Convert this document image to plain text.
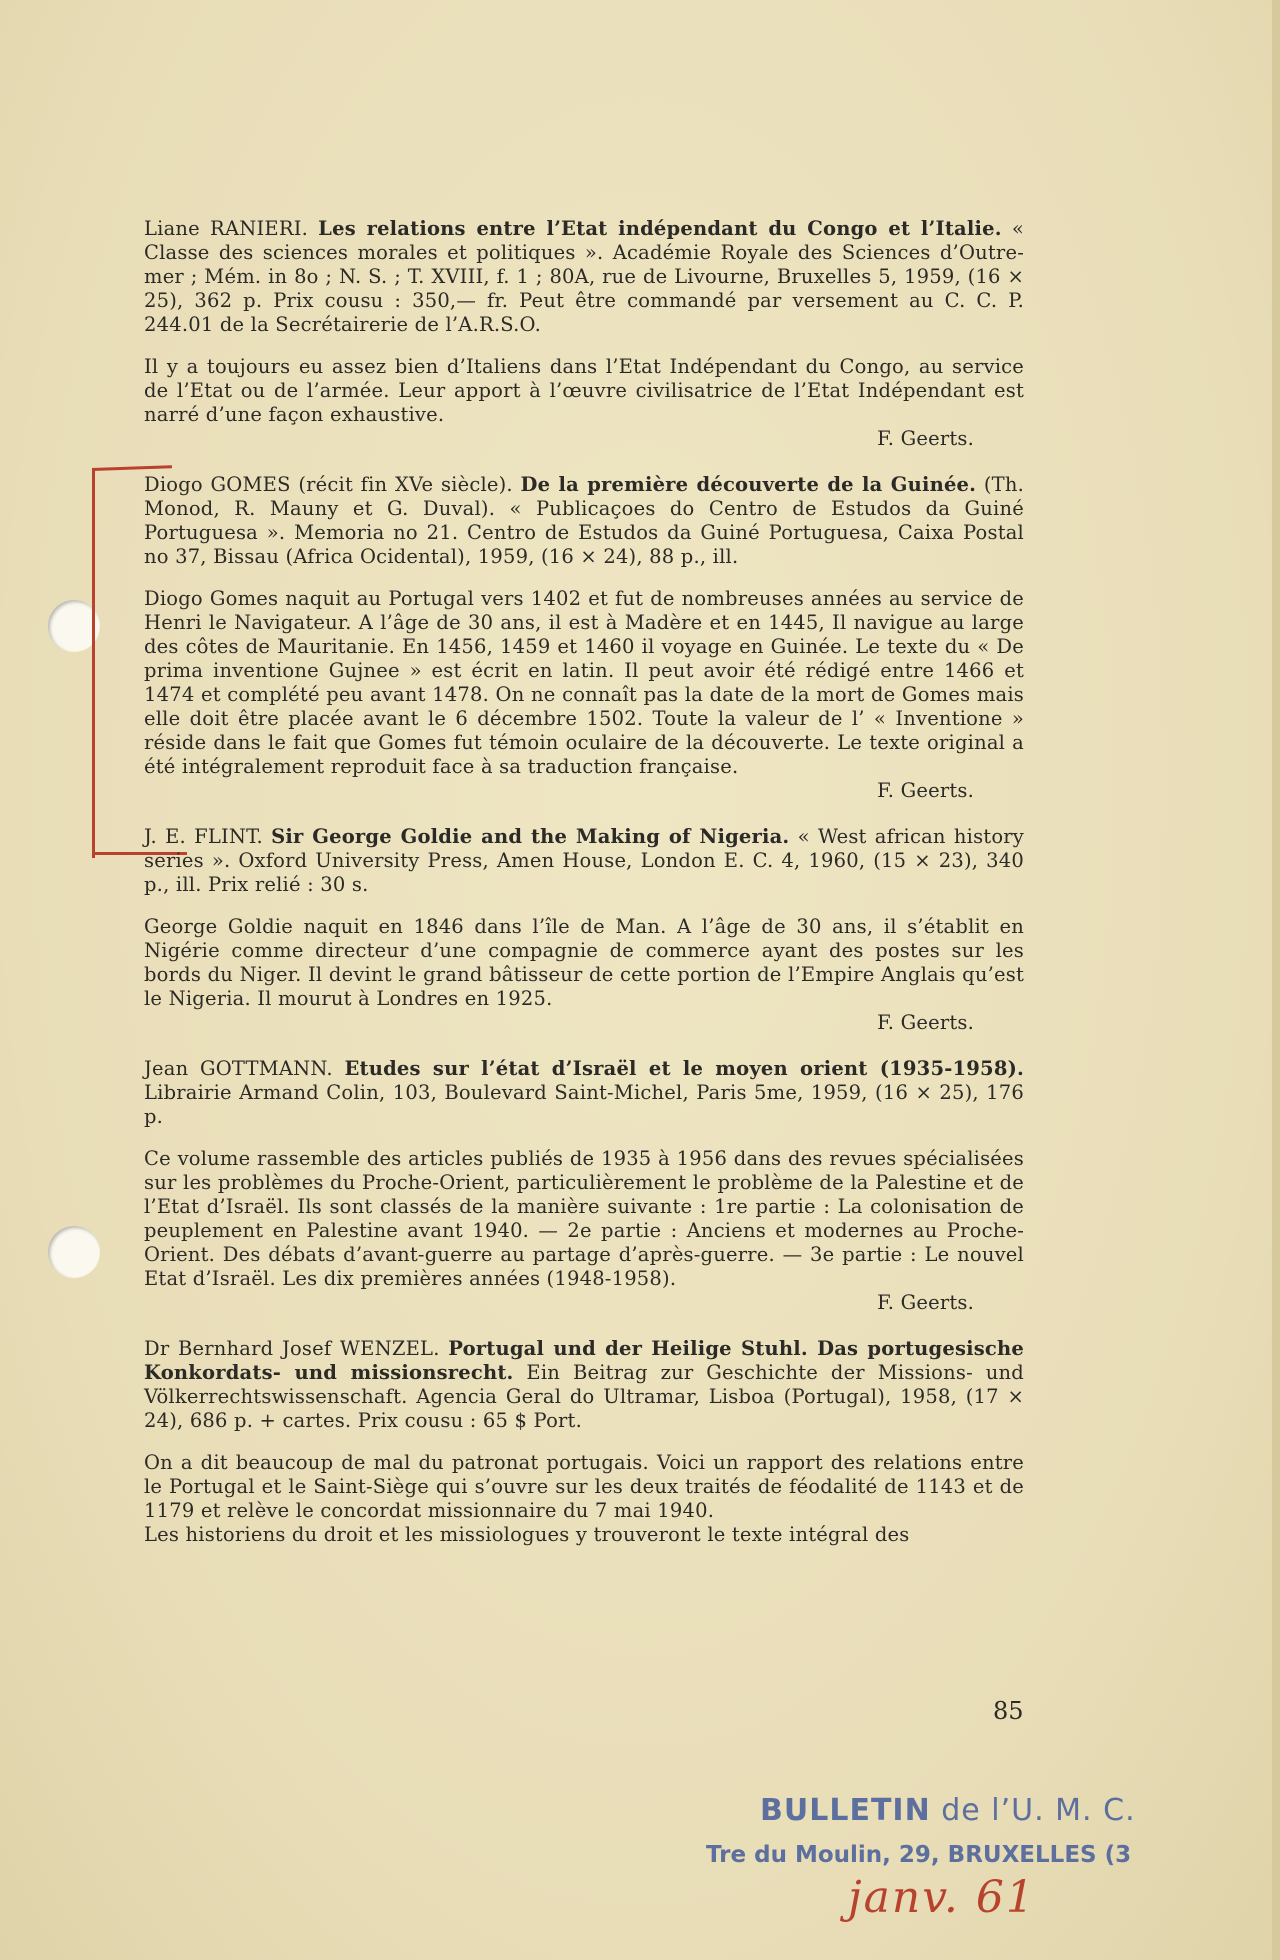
Liane RANIERI. Les relations entre l’Etat indépendant du Congo et l’Italie. « Classe des sciences morales et politiques ». Académie Royale des Sciences d’Outre-mer ; Mém. in 8o ; N. S. ; T. XVIII, f. 1 ; 80A, rue de Livourne, Bruxelles 5, 1959, (16 × 25), 362 p. Prix cousu : 350,— fr. Peut être commandé par versement au C. C. P. 244.01 de la Secrétairerie de l’A.R.S.O.
Il y a toujours eu assez bien d’Italiens dans l’Etat Indépendant du Congo, au service de l’Etat ou de l’armée. Leur apport à l’œuvre civilisatrice de l’Etat Indépendant est narré d’une façon exhaustive.
F. Geerts.
Diogo GOMES (récit fin XVe siècle). De la première découverte de la Guinée. (Th. Monod, R. Mauny et G. Duval). « Publicaçoes do Centro de Estudos da Guiné Portuguesa ». Memoria no 21. Centro de Estudos da Guiné Portuguesa, Caixa Postal no 37, Bissau (Africa Ocidental), 1959, (16 × 24), 88 p., ill.
Diogo Gomes naquit au Portugal vers 1402 et fut de nombreuses années au service de Henri le Navigateur. A l’âge de 30 ans, il est à Madère et en 1445, Il navigue au large des côtes de Mauritanie. En 1456, 1459 et 1460 il voyage en Guinée. Le texte du « De prima inventione Gujnee » est écrit en latin. Il peut avoir été rédigé entre 1466 et 1474 et complété peu avant 1478. On ne connaît pas la date de la mort de Gomes mais elle doit être placée avant le 6 décembre 1502. Toute la valeur de l’ « Inventione » réside dans le fait que Gomes fut témoin oculaire de la découverte. Le texte original a été intégralement reproduit face à sa traduction française.
F. Geerts.
J. E. FLINT. Sir George Goldie and the Making of Nigeria. « West african history series ». Oxford University Press, Amen House, London E. C. 4, 1960, (15 × 23), 340 p., ill. Prix relié : 30 s.
George Goldie naquit en 1846 dans l’île de Man. A l’âge de 30 ans, il s’établit en Nigérie comme directeur d’une compagnie de commerce ayant des postes sur les bords du Niger. Il devint le grand bâtisseur de cette portion de l’Empire Anglais qu’est le Nigeria. Il mourut à Londres en 1925.
F. Geerts.
Jean GOTTMANN. Etudes sur l’état d’Israël et le moyen orient (1935-1958). Librairie Armand Colin, 103, Boulevard Saint-Michel, Paris 5me, 1959, (16 × 25), 176 p.
Ce volume rassemble des articles publiés de 1935 à 1956 dans des revues spécialisées sur les problèmes du Proche-Orient, particulièrement le problème de la Palestine et de l’Etat d’Israël. Ils sont classés de la manière suivante : 1re partie : La colonisation de peuplement en Palestine avant 1940. — 2e partie : Anciens et modernes au Proche-Orient. Des débats d’avant-guerre au partage d’après-guerre. — 3e partie : Le nouvel Etat d’Israël. Les dix premières années (1948-1958).
F. Geerts.
Dr Bernhard Josef WENZEL. Portugal und der Heilige Stuhl. Das portugesische Konkordats- und missionsrecht. Ein Beitrag zur Geschichte der Missions- und Völkerrechtswissenschaft. Agencia Geral do Ultramar, Lisboa (Portugal), 1958, (17 × 24), 686 p. + cartes. Prix cousu : 65 $ Port.
On a dit beaucoup de mal du patronat portugais. Voici un rapport des relations entre le Portugal et le Saint-Siège qui s’ouvre sur les deux traités de féodalité de 1143 et de 1179 et relève le concordat missionnaire du 7 mai 1940.
Les historiens du droit et les missiologues y trouveront le texte intégral des
85
BULLETIN de l’U. M. C.
Tre du Moulin, 29, BRUXELLES (3
janv. 61
